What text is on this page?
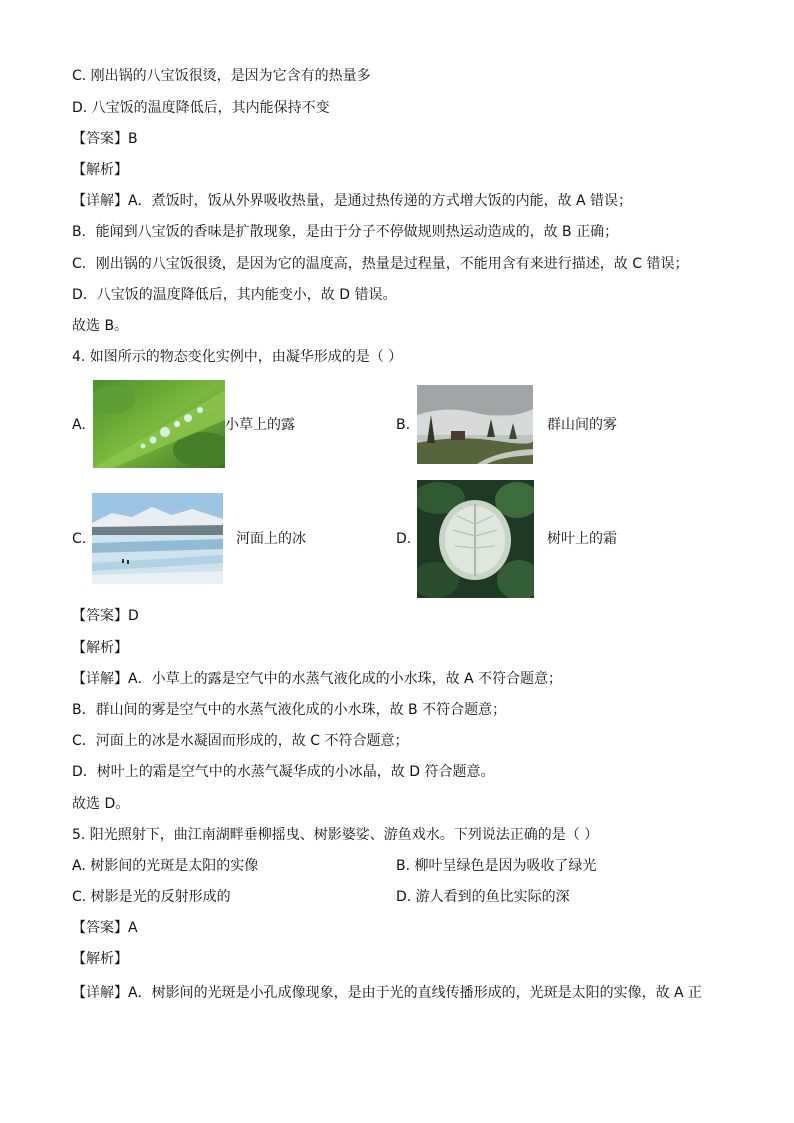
C. 刚出锅的八宝饭很烫，是因为它含有的热量多
D. 八宝饭的温度降低后，其内能保持不变
【答案】B
【解析】
【详解】A．煮饭时，饭从外界吸收热量，是通过热传递的方式增大饭的内能，故 A 错误；
B．能闻到八宝饭的香味是扩散现象，是由于分子不停做规则热运动造成的，故 B 正确；
C．刚出锅的八宝饭很烫，是因为它的温度高，热量是过程量，不能用含有来进行描述，故 C 错误；
D．八宝饭的温度降低后，其内能变小，故 D 错误。
故选 B。
4. 如图所示的物态变化实例中，由凝华形成的是（ ）
A.	小草上的露	B.	群山间的雾
C.	河面上的冰	D.	树叶上的霜
【答案】D
【解析】
【详解】A．小草上的露是空气中的水蒸气液化成的小水珠，故 A 不符合题意；
B．群山间的雾是空气中的水蒸气液化成的小水珠，故 B 不符合题意；
C．河面上的冰是水凝固而形成的，故 C 不符合题意；
D．树叶上的霜是空气中的水蒸气凝华成的小冰晶，故 D 符合题意。
故选 D。
5. 阳光照射下，曲江南湖畔垂柳摇曳、树影婆娑、游鱼戏水。下列说法正确的是（ ）
A. 树影间的光斑是太阳的实像	B. 柳叶呈绿色是因为吸收了绿光
C. 树影是光的反射形成的	D. 游人看到的鱼比实际的深
【答案】A
【解析】
【详解】A．树影间的光斑是小孔成像现象，是由于光的直线传播形成的，光斑是太阳的实像，故 A 正
